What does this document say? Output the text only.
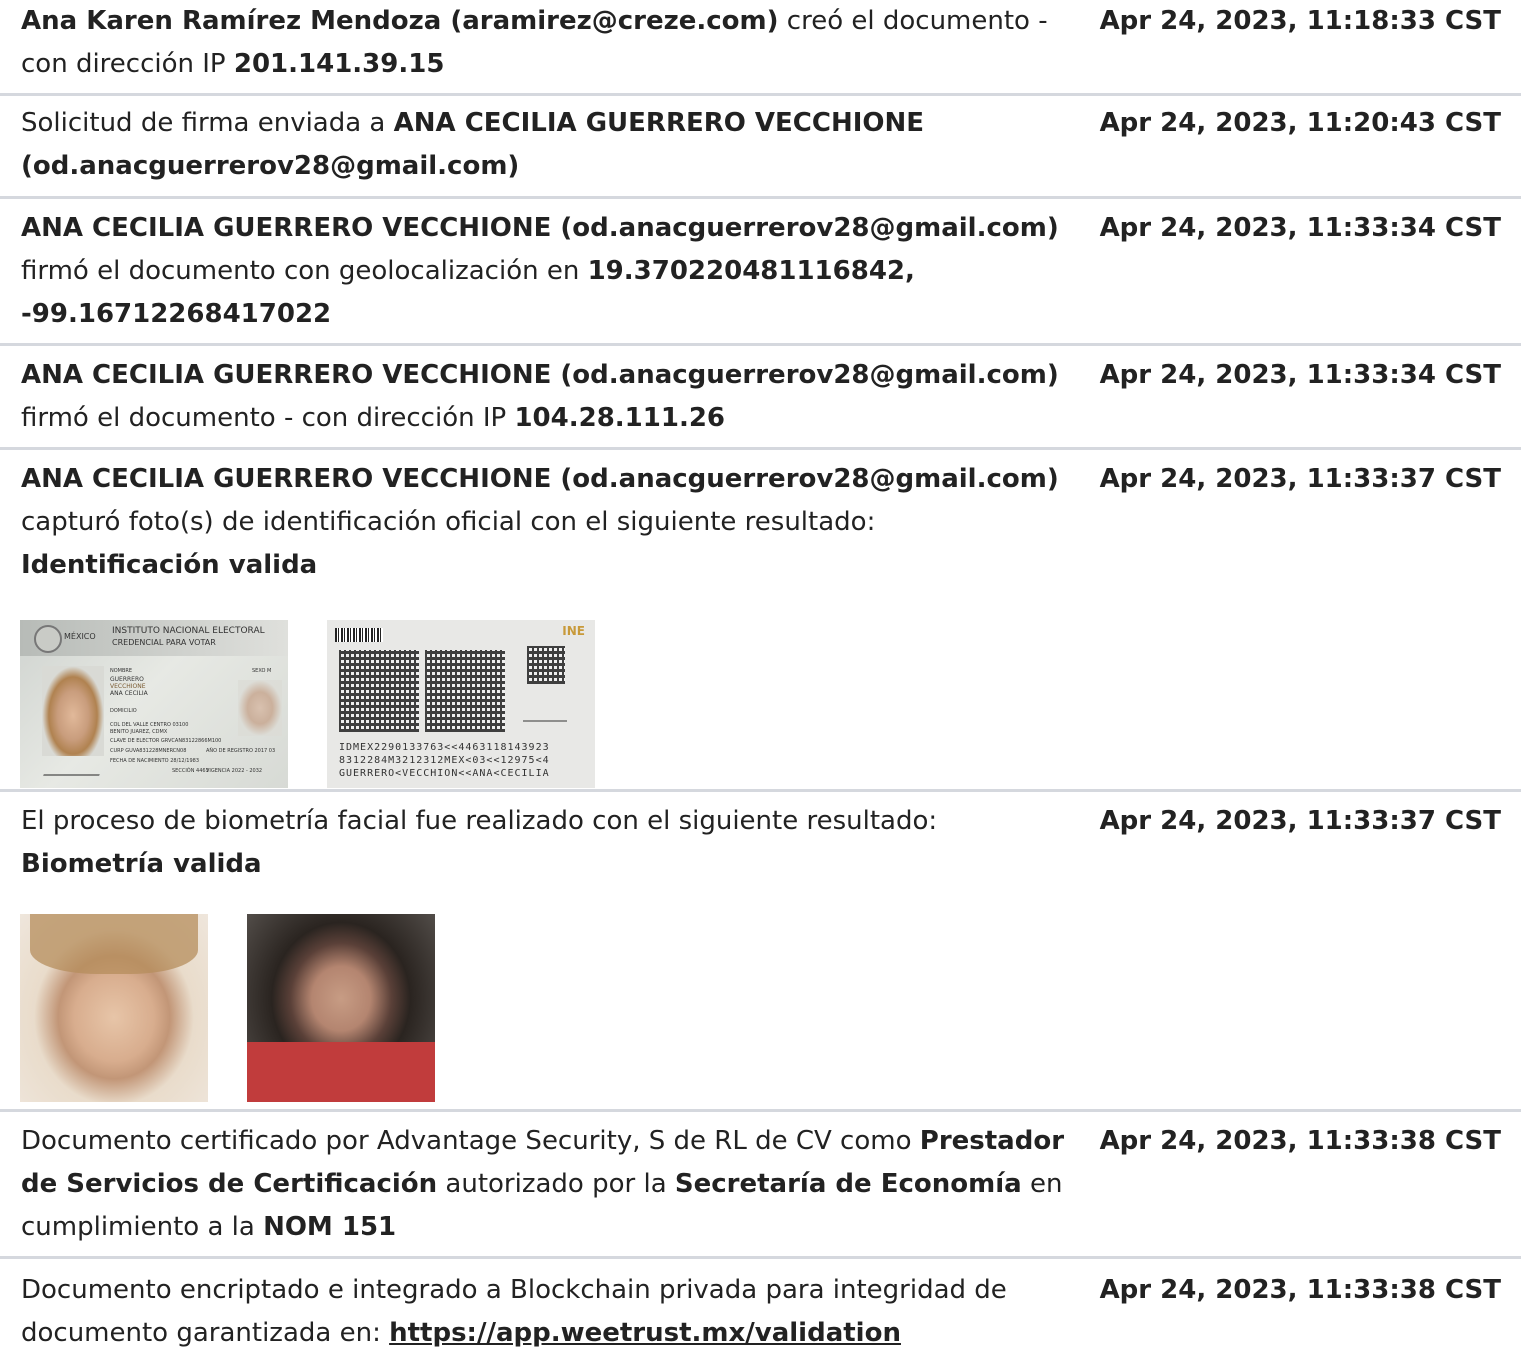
Ana Karen Ramírez Mendoza (aramirez@creze.com) creó el documento - con dirección IP 201.141.39.15
Apr 24, 2023, 11:18:33 CST
Solicitud de firma enviada a ANA CECILIA GUERRERO VECCHIONE (od.anacguerrerov28@gmail.com)
Apr 24, 2023, 11:20:43 CST
ANA CECILIA GUERRERO VECCHIONE (od.anacguerrerov28@gmail.com) firmó el documento con geolocalización en 19.370220481116842, -99.16712268417022
Apr 24, 2023, 11:33:34 CST
ANA CECILIA GUERRERO VECCHIONE (od.anacguerrerov28@gmail.com) firmó el documento - con dirección IP 104.28.111.26
Apr 24, 2023, 11:33:34 CST
ANA CECILIA GUERRERO VECCHIONE (od.anacguerrerov28@gmail.com) capturó foto(s) de identificación oficial con el siguiente resultado: Identificación valida
Apr 24, 2023, 11:33:37 CST
MÉXICO
INSTITUTO NACIONAL ELECTORAL
CREDENCIAL PARA VOTAR
NOMBRE	SEXO M
GUERRERO
VECCHIONE
ANA CECILIA
DOMICILIO
COL DEL VALLE CENTRO 03100
BENITO JUAREZ, CDMX
CLAVE DE ELECTOR GRVCAN83122866M100
CURP GUVA831228MNERCN08	AÑO DE REGISTRO 2017 03
FECHA DE NACIMIENTO 28/12/1983
SECCIÓN 4463
VIGENCIA 2022 - 2032
INE
IDMEX2290133763<<4463118143923
8312284M3212312MEX<03<<12975<4
GUERRERO<VECCHION<<ANA<CECILIA
El proceso de biometría facial fue realizado con el siguiente resultado: Biometría valida
Apr 24, 2023, 11:33:37 CST
Documento certificado por Advantage Security, S de RL de CV como Prestador de Servicios de Certificación autorizado por la Secretaría de Economía en cumplimiento a la NOM 151
Apr 24, 2023, 11:33:38 CST
Documento encriptado e integrado a Blockchain privada para integridad de documento garantizada en: https://app.weetrust.mx/validation
Apr 24, 2023, 11:33:38 CST
